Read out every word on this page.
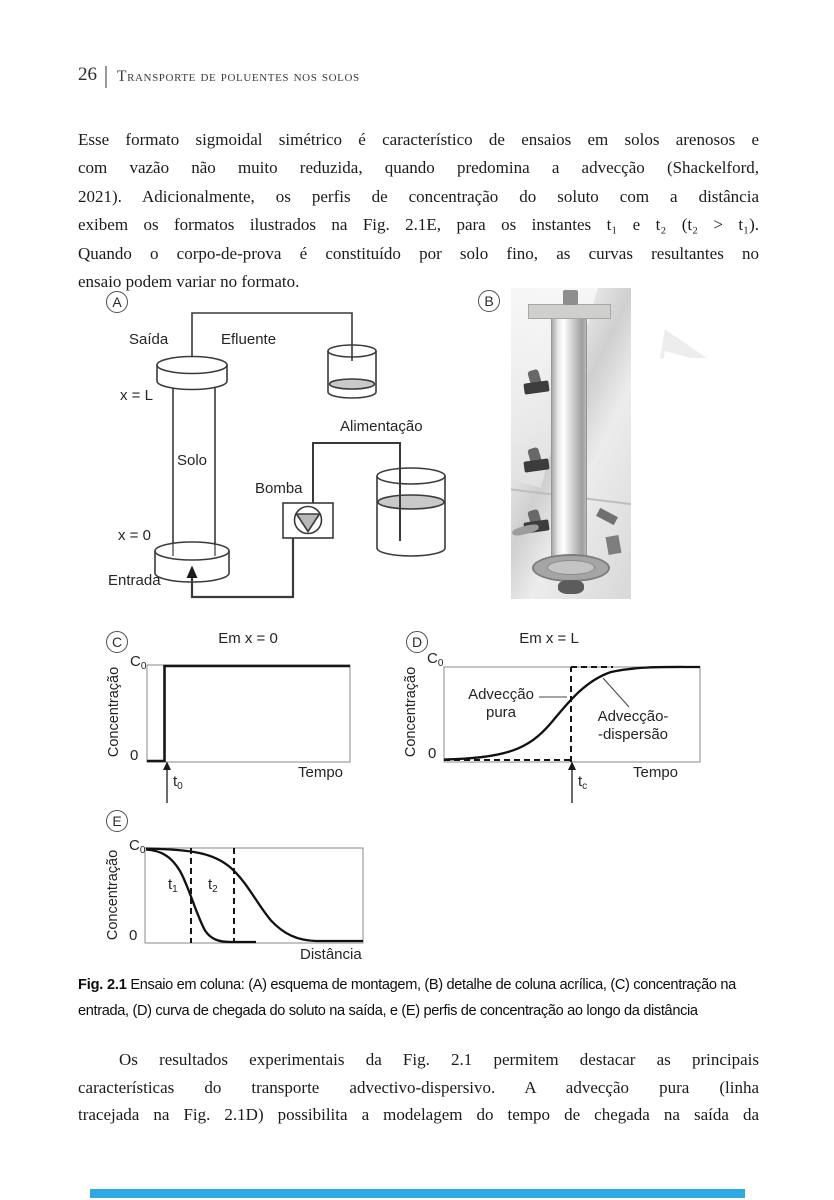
26 Transporte de poluentes nos solos
Esse formato sigmoidal simétrico é característico de ensaios em solos arenosos e
com vazão não muito reduzida, quando predomina a advecção (Shackelford,
2021). Adicionalmente, os perfis de concentração do soluto com a distância
exibem os formatos ilustrados na Fig. 2.1E, para os instantes t₁ e t₂ (t₂ > t₁).
Quando o corpo-de-prova é constituído por solo fino, as curvas resultantes no
ensaio podem variar no formato.
A
Saída	Efluente
x = L
Solo
Alimentação
Bomba
x = 0
Entrada
B
C	Em x = 0
Concentração
$C_0$
0
$t_0$
Tempo
D	Em x = L
Concentração
$C_0$
0
Advecção
pura	Advecção-
-dispersão
$t_c$
Tempo
E
Concentração
$C_0$
0
$t_1$ $t_2$
Distância
Fig. 2.1 Ensaio em coluna: (A) esquema de montagem, (B) detalhe de coluna acrílica, (C) concentração na entrada, (D) curva de chegada do soluto na saída, e (E) perfis de concentração ao longo da distância
Os resultados experimentais da Fig. 2.1 permitem destacar as principais
características do transporte advectivo-dispersivo. A advecção pura (linha
tracejada na Fig. 2.1D) possibilita a modelagem do tempo de chegada na saída da
